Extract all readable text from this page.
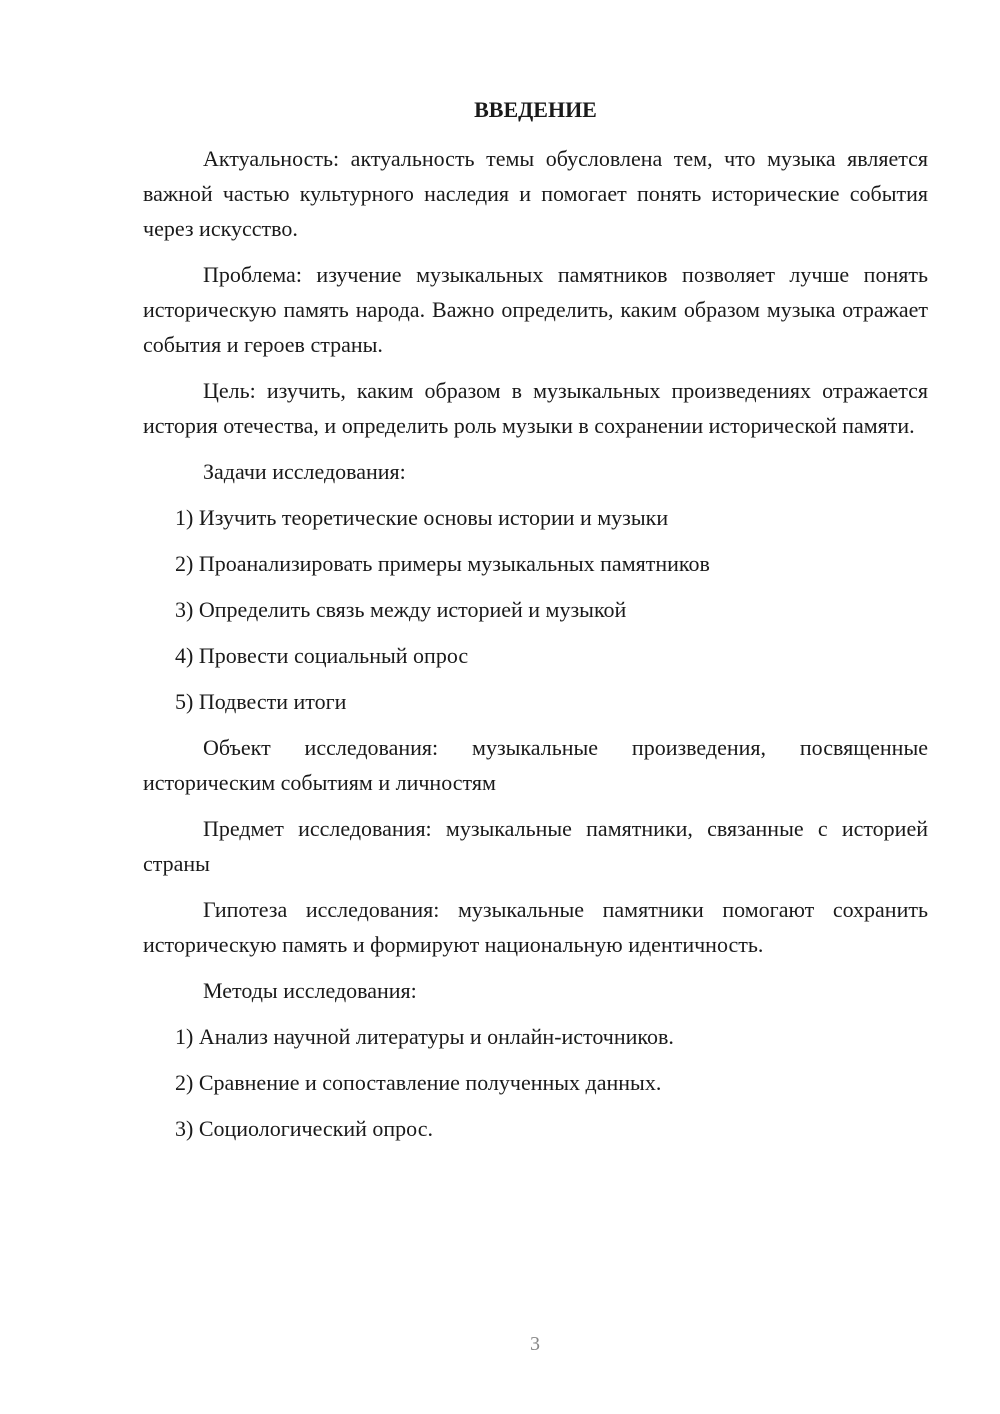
ВВЕДЕНИЕ

Актуальность: актуальность темы обусловлена тем, что музыка является важной частью культурного наследия и помогает понять исторические события через искусство.

Проблема: изучение музыкальных памятников позволяет лучше понять историческую память народа. Важно определить, каким образом музыка отражает события и героев страны.

Цель: изучить, каким образом в музыкальных произведениях отражается история отечества, и определить роль музыки в сохранении исторической памяти.

Задачи исследования:

1) Изучить теоретические основы истории и музыки

2) Проанализировать примеры музыкальных памятников

3) Определить связь между историей и музыкой

4) Провести социальный опрос

5) Подвести итоги

Объект исследования: музыкальные произведения, посвященные историческим событиям и личностям

Предмет исследования: музыкальные памятники, связанные с историей страны

Гипотеза исследования: музыкальные памятники помогают сохранить историческую память и формируют национальную идентичность.

Методы исследования:

1) Анализ научной литературы и онлайн-источников.

2) Сравнение и сопоставление полученных данных.

3) Социологический опрос.

3
